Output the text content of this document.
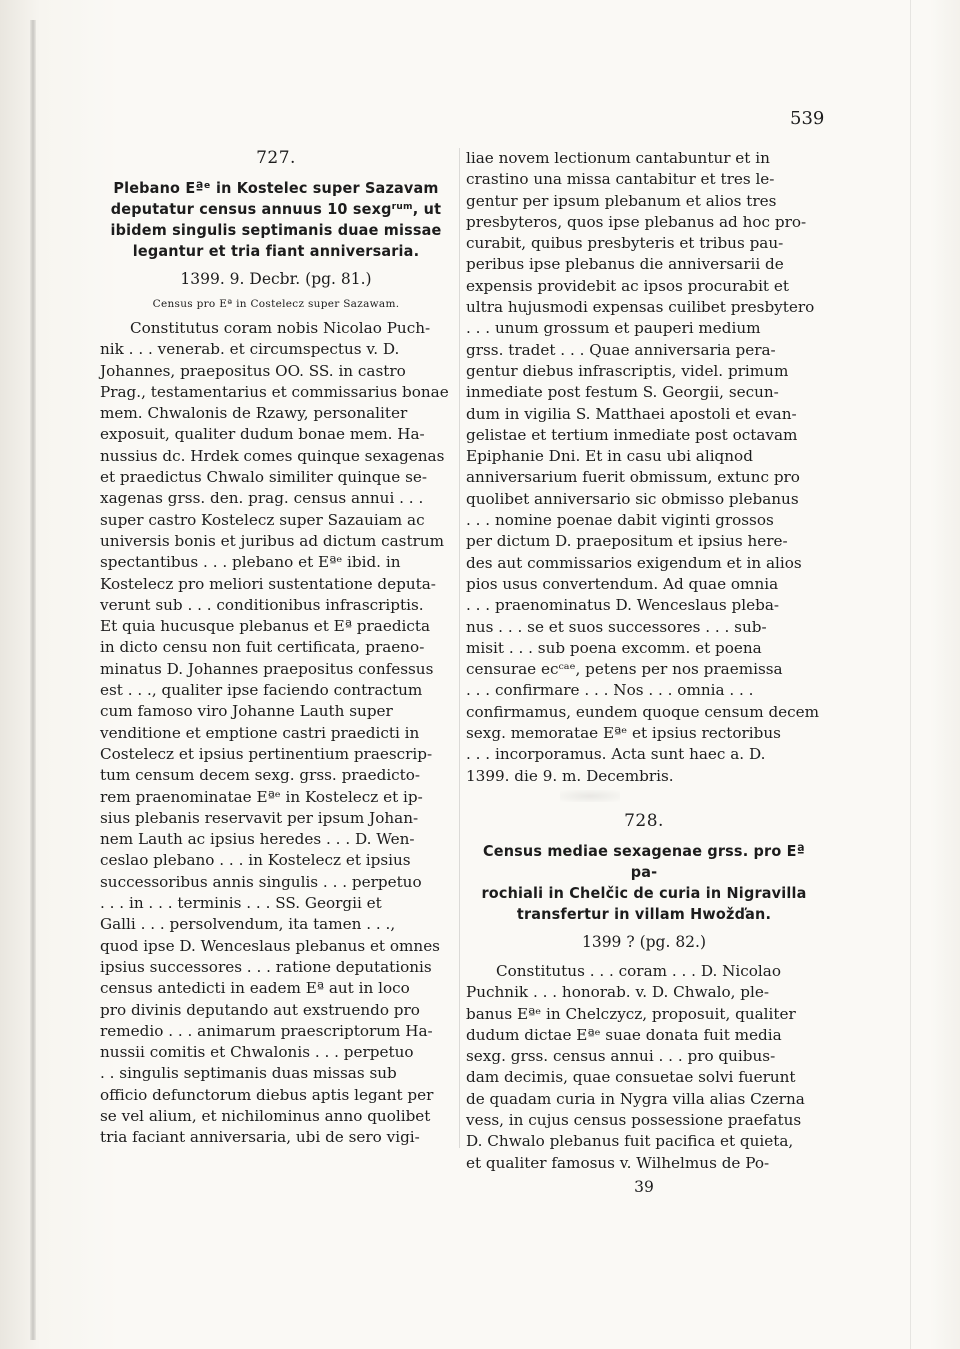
539
727.
Plebano Eªᵉ in Kostelec super Sazavam
deputatur census annuus 10 sexgʳᵘᵐ, ut
ibidem singulis septimanis duae missae
legantur et tria fiant anniversaria.
1399. 9. Decbr. (pg. 81.)
Census pro Eª in Costelecz super Sazawam.
Constitutus coram nobis Nicolao Puch-
nik . . . venerab. et circumspectus v. D.
Johannes, praepositus OO. SS. in castro
Prag., testamentarius et commissarius bonae
mem. Chwalonis de Rzawy, personaliter
exposuit, qualiter dudum bonae mem. Ha-
nussius dc. Hrdek comes quinque sexagenas
et praedictus Chwalo similiter quinque se-
xagenas grss. den. prag. census annui . . .
super castro Kostelecz super Sazauiam ac
universis bonis et juribus ad dictum castrum
spectantibus . . . plebano et Eªᵉ ibid. in
Kostelecz pro meliori sustentatione deputa-
verunt sub . . . conditionibus infrascriptis.
Et quia hucusque plebanus et Eª praedicta
in dicto censu non fuit certificata, praeno-
minatus D. Johannes praepositus confessus
est . . ., qualiter ipse faciendo contractum
cum famoso viro Johanne Lauth super
venditione et emptione castri praedicti in
Costelecz et ipsius pertinentium praescrip-
tum censum decem sexg. grss. praedicto-
rem praenominatae Eªᵉ in Kostelecz et ip-
sius plebanis reservavit per ipsum Johan-
nem Lauth ac ipsius heredes . . . D. Wen-
ceslao plebano . . . in Kostelecz et ipsius
successoribus annis singulis . . . perpetuo
. . . in . . . terminis . . . SS. Georgii et
Galli . . . persolvendum, ita tamen . . .,
quod ipse D. Wenceslaus plebanus et omnes
ipsius successores . . . ratione deputationis
census antedicti in eadem Eª aut in loco
pro divinis deputando aut exstruendo pro
remedio . . . animarum praescriptorum Ha-
nussii comitis et Chwalonis . . . perpetuo
. . singulis septimanis duas missas sub
officio defunctorum diebus aptis legant per
se vel alium, et nichilominus anno quolibet
tria faciant anniversaria, ubi de sero vigi-
liae novem lectionum cantabuntur et in
crastino una missa cantabitur et tres le-
gentur per ipsum plebanum et alios tres
presbyteros, quos ipse plebanus ad hoc pro-
curabit, quibus presbyteris et tribus pau-
peribus ipse plebanus die anniversarii de
expensis providebit ac ipsos procurabit et
ultra hujusmodi expensas cuilibet presbytero
. . . unum grossum et pauperi medium
grss. tradet . . . Quae anniversaria pera-
gentur diebus infrascriptis, videl. primum
inmediate post festum S. Georgii, secun-
dum in vigilia S. Matthaei apostoli et evan-
gelistae et tertium inmediate post octavam
Epiphanie Dni. Et in casu ubi aliqnod
anniversarium fuerit obmissum, extunc pro
quolibet anniversario sic obmisso plebanus
. . . nomine poenae dabit viginti grossos
per dictum D. praepositum et ipsius here-
des aut commissarios exigendum et in alios
pios usus convertendum. Ad quae omnia
. . . praenominatus D. Wenceslaus pleba-
nus . . . se et suos successores . . . sub-
misit . . . sub poena excomm. et poena
censurae ecᶜᵃᵉ, petens per nos praemissa
. . . confirmare . . . Nos . . . omnia . . .
confirmamus, eundem quoque censum decem
sexg. memoratae Eªᵉ et ipsius rectoribus
. . . incorporamus. Acta sunt haec a. D.
1399. die 9. m. Decembris.
728.
Census mediae sexagenae grss. pro Eª pa-
rochiali in Chelčic de curia in Nigravilla
transfertur in villam Hwožďan.
1399 ? (pg. 82.)
Constitutus . . . coram . . . D. Nicolao
Puchnik . . . honorab. v. D. Chwalo, ple-
banus Eªᵉ in Chelczycz, proposuit, qualiter
dudum dictae Eªᵉ suae donata fuit media
sexg. grss. census annui . . . pro quibus-
dam decimis, quae consuetae solvi fuerunt
de quadam curia in Nygra villa alias Czerna
vess, in cujus census possessione praefatus
D. Chwalo plebanus fuit pacifica et quieta,
et qualiter famosus v. Wilhelmus de Po-
39
